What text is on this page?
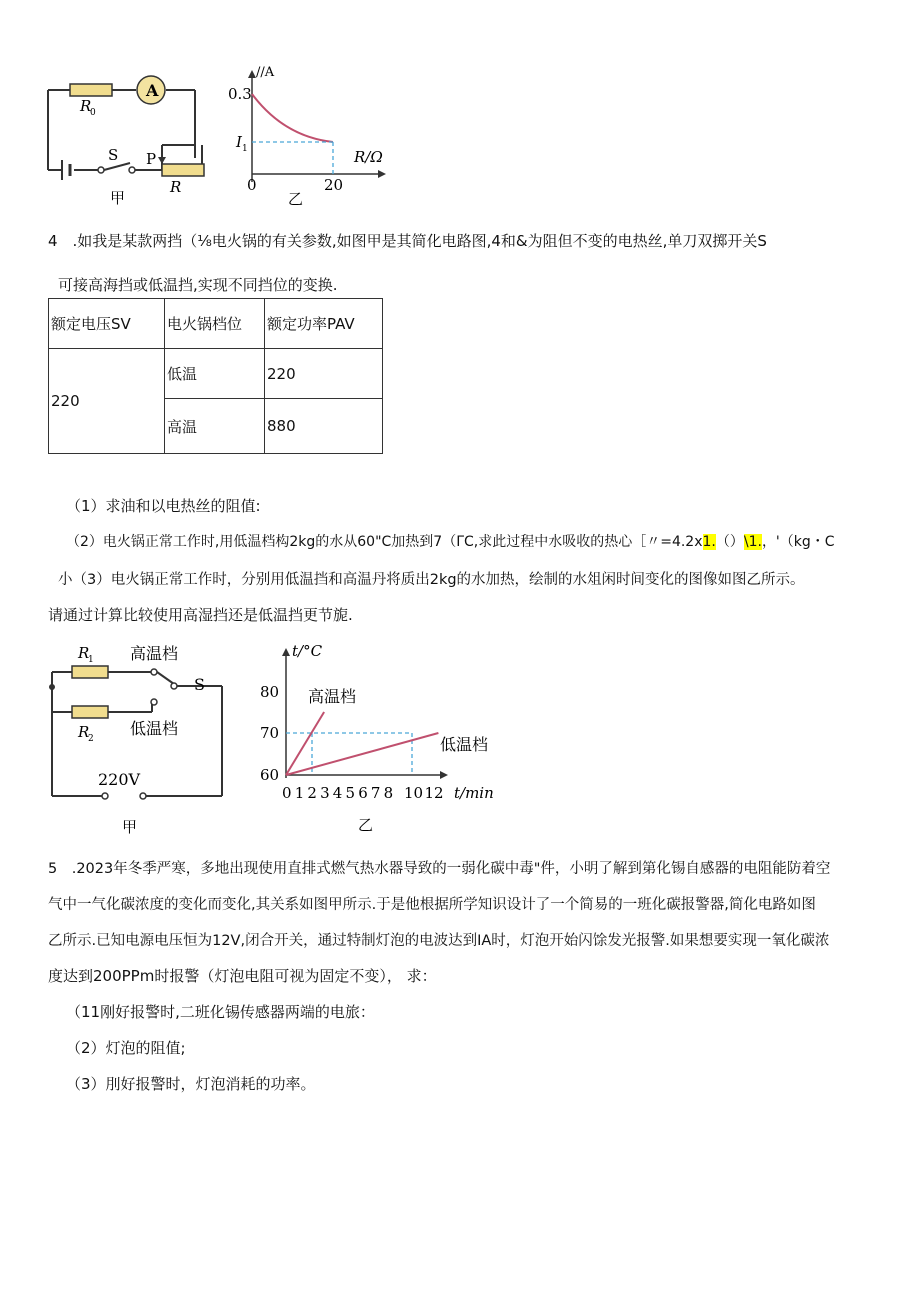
R
0
A
S P
R
甲
//A
0.3
I 1	R/Ω
0	20
乙
4　.如我是某款两挡（⅛电火锅的有关参数,如图甲是其简化电路图,4和&为阻但不变的电热丝,单刀双掷开关S
可接高海挡或低温挡,实现不同挡位的变换.
额定电压SV	电火锅档位	额定功率PAV
220	低温	220
	高温	880
（1）求油和以电热丝的阻值:
（2）电火锅正常工作时,用低温档构2kg的水从60"C加热到7（ΓC,求此过程中水吸收的热心［〃=4.2x1.（）\1.，'（kg・C
小（3）电火锅正常工作时，分别用低温挡和高温丹将质出2kg的水加热，绘制的水俎闲时间变化的图像如图乙所示。
请通过计算比较使用高湿挡还是低温挡更节旎.
R
1
R
2
高温档
低温档
S
220V
甲
t/°C
80
70
60
高温档
低温档
0 1 2 3 4 5 6 7 8 10 12 t/min
乙
5　.2023年冬季严寒，多地出现使用直排式燃气热水器导致的一弱化碳中毒"件，小明了解到第化锡自感器的电阻能防着空
气中一气化碳浓度的变化而变化,其关系如图甲所示.于是他根据所学知识设计了一个简易的一班化碳报警器,简化电路如图
乙所示.已知电源电压恒为12V,闭合开关，通过特制灯泡的电波达到IA时，灯泡开始闪馀发光报警.如果想要实现一氧化碳浓
度达到200PPm时报警（灯泡电阻可视为固定不变）， 求：
（11刚好报警时,二班化锡传感器两端的电旅：
（2）灯泡的阻值;
（3）刖好报警时，灯泡消耗的功率。
